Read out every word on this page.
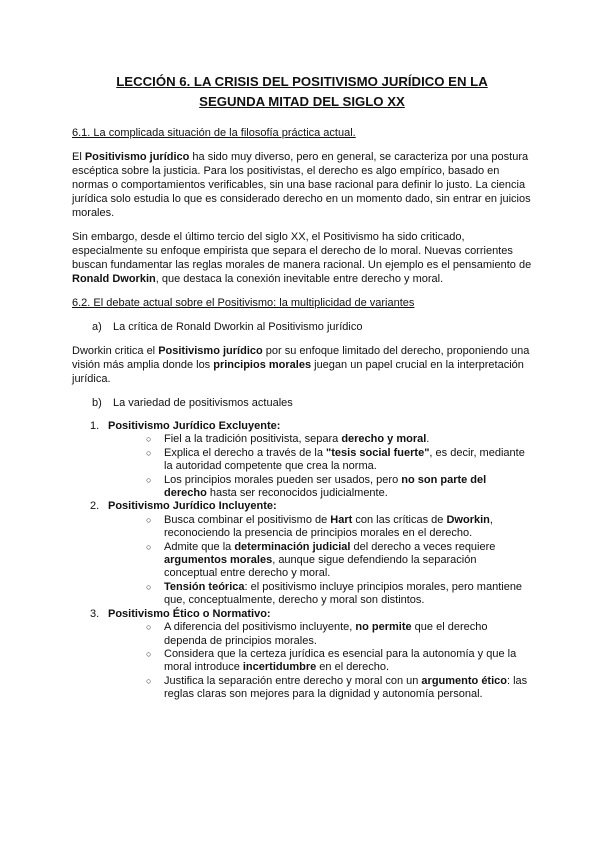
LECCIÓN 6. LA CRISIS DEL POSITIVISMO JURÍDICO EN LA
SEGUNDA MITAD DEL SIGLO XX
6.1. La complicada situación de la filosofía práctica actual.

El Positivismo jurídico ha sido muy diverso, pero en general, se caracteriza por una postura escéptica sobre la justicia. Para los positivistas, el derecho es algo empírico, basado en normas o comportamientos verificables, sin una base racional para definir lo justo. La ciencia jurídica solo estudia lo que es considerado derecho en un momento dado, sin entrar en juicios morales.

Sin embargo, desde el último tercio del siglo XX, el Positivismo ha sido criticado, especialmente su enfoque empirista que separa el derecho de lo moral. Nuevas corrientes buscan fundamentar las reglas morales de manera racional. Un ejemplo es el pensamiento de Ronald Dworkin, que destaca la conexión inevitable entre derecho y moral.

6.2. El debate actual sobre el Positivismo: la multiplicidad de variantes
a) La crítica de Ronald Dworkin al Positivismo jurídico

Dworkin critica el Positivismo jurídico por su enfoque limitado del derecho, proponiendo una visión más amplia donde los principios morales juegan un papel crucial en la interpretación jurídica.

b) La variedad de positivismos actuales
1. Positivismo Jurídico Excluyente:
○ Fiel a la tradición positivista, separa derecho y moral.
○ Explica el derecho a través de la "tesis social fuerte", es decir, mediante la autoridad competente que crea la norma.
○ Los principios morales pueden ser usados, pero no son parte del derecho hasta ser reconocidos judicialmente.
2. Positivismo Jurídico Incluyente:
○ Busca combinar el positivismo de Hart con las críticas de Dworkin, reconociendo la presencia de principios morales en el derecho.
○ Admite que la determinación judicial del derecho a veces requiere argumentos morales, aunque sigue defendiendo la separación conceptual entre derecho y moral.
○ Tensión teórica: el positivismo incluye principios morales, pero mantiene que, conceptualmente, derecho y moral son distintos.
3. Positivismo Ético o Normativo:
○ A diferencia del positivismo incluyente, no permite que el derecho dependa de principios morales.
○ Considera que la certeza jurídica es esencial para la autonomía y que la moral introduce incertidumbre en el derecho.
○ Justifica la separación entre derecho y moral con un argumento ético: las reglas claras son mejores para la dignidad y autonomía personal.
